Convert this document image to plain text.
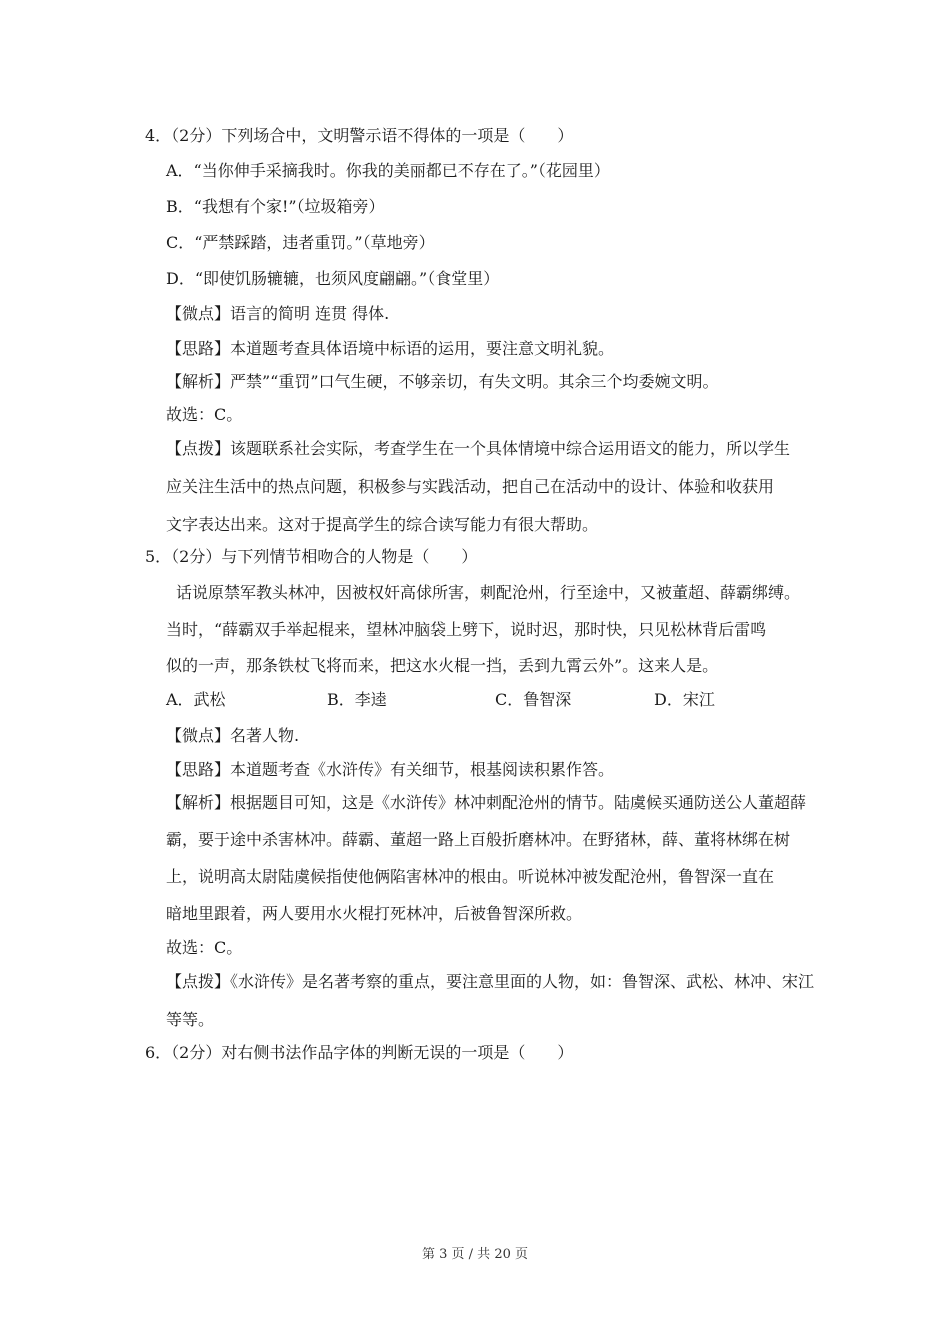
4．（2分）下列场合中，文明警示语不得体的一项是（　　）
A．“当你伸手采摘我时。你我的美丽都已不存在了。”（花园里）
B．“我想有个家!”（垃圾箱旁）
C．“严禁踩踏，违者重罚。”（草地旁）
D．“即使饥肠辘辘，也须风度翩翩。”（食堂里）
【微点】语言的简明 连贯 得体.
【思路】本道题考查具体语境中标语的运用，要注意文明礼貌。
【解析】严禁”“重罚”口气生硬，不够亲切，有失文明。其余三个均委婉文明。
故选：C。
【点拨】该题联系社会实际，考查学生在一个具体情境中综合运用语文的能力，所以学生
应关注生活中的热点问题，积极参与实践活动，把自己在活动中的设计、体验和收获用
文字表达出来。这对于提高学生的综合读写能力有很大帮助。
5．（2分）与下列情节相吻合的人物是（　　）
话说原禁军教头林冲，因被权奸高俅所害，刺配沧州，行至途中，又被董超、薛霸绑缚。
当时，“薛霸双手举起棍来，望林冲脑袋上劈下，说时迟，那时快，只见松林背后雷鸣
似的一声，那条铁杖飞将而来，把这水火棍一挡，丢到九霄云外”。这来人是。
A．武松	B．李逵	C．鲁智深	D．宋江
【微点】名著人物.
【思路】本道题考查《水浒传》有关细节，根基阅读积累作答。
【解析】根据题目可知，这是《水浒传》林冲刺配沧州的情节。陆虞候买通防送公人董超薛
霸，要于途中杀害林冲。薛霸、董超一路上百般折磨林冲。在野猪林，薛、董将林绑在树
上，说明高太尉陆虞候指使他俩陷害林冲的根由。听说林冲被发配沧州，鲁智深一直在
暗地里跟着，两人要用水火棍打死林冲，后被鲁智深所救。
故选：C。
【点拨】《水浒传》是名著考察的重点，要注意里面的人物，如：鲁智深、武松、林冲、宋江
等等。
6．（2分）对右侧书法作品字体的判断无误的一项是（　　）
第 3 页 / 共 20 页
